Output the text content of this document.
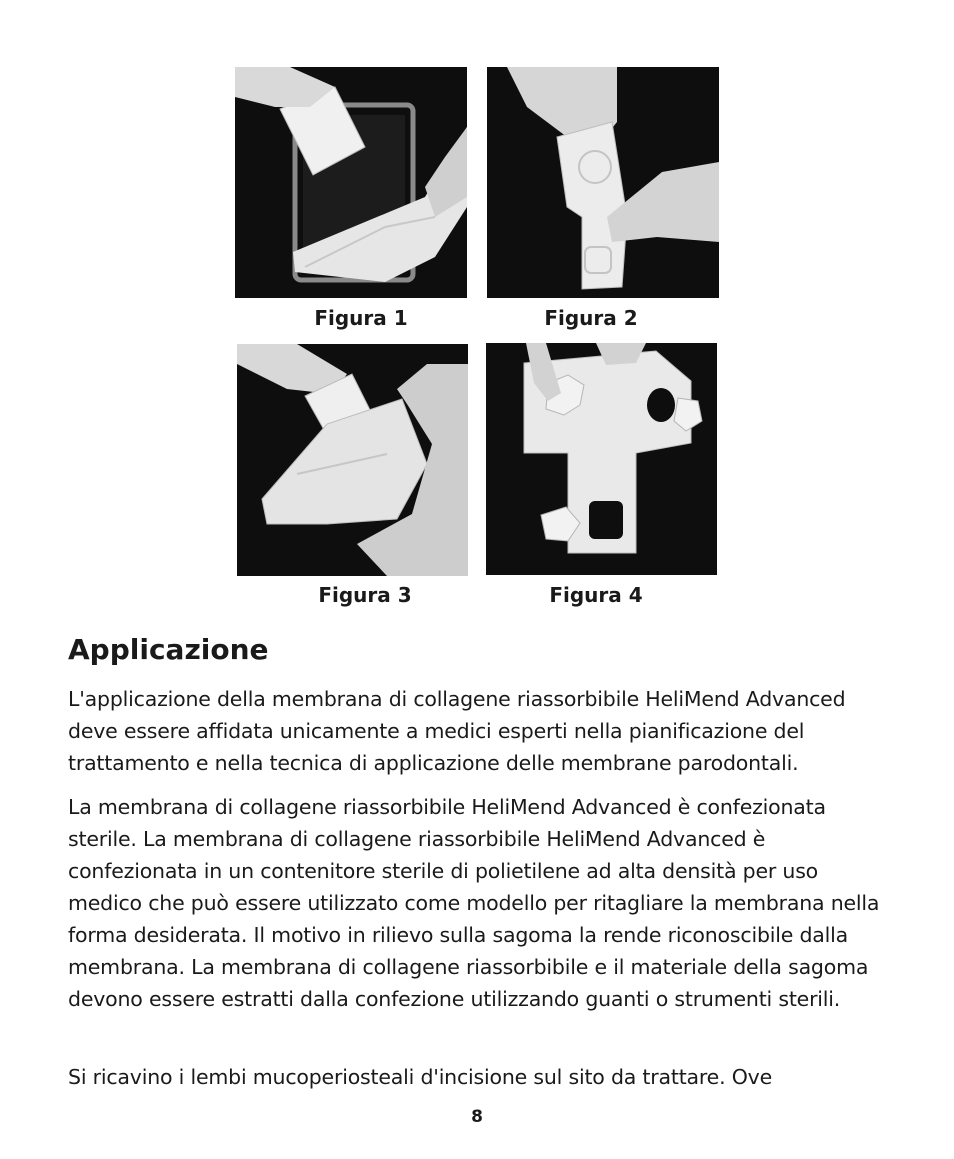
Figura 1	Figura 2
Figura 3	Figura 4
Applicazione

L'applicazione della membrana di collagene riassorbibile HeliMend Advanced deve essere affidata unicamente a medici esperti nella pianificazione del trattamento e nella tecnica di applicazione delle membrane parodontali.

La membrana di collagene riassorbibile HeliMend Advanced è confezionata sterile. La membrana di collagene riassorbibile HeliMend Advanced è confezionata in un contenitore sterile di polietilene ad alta densità per uso medico che può essere utilizzato come modello per ritagliare la membrana nella forma desiderata. Il motivo in rilievo sulla sagoma la rende riconoscibile dalla membrana. La membrana di collagene riassorbibile e il materiale della sagoma devono essere estratti dalla confezione utilizzando guanti o strumenti sterili.

Si ricavino i lembi mucoperiosteali d'incisione sul sito da trattare. Ove

8
